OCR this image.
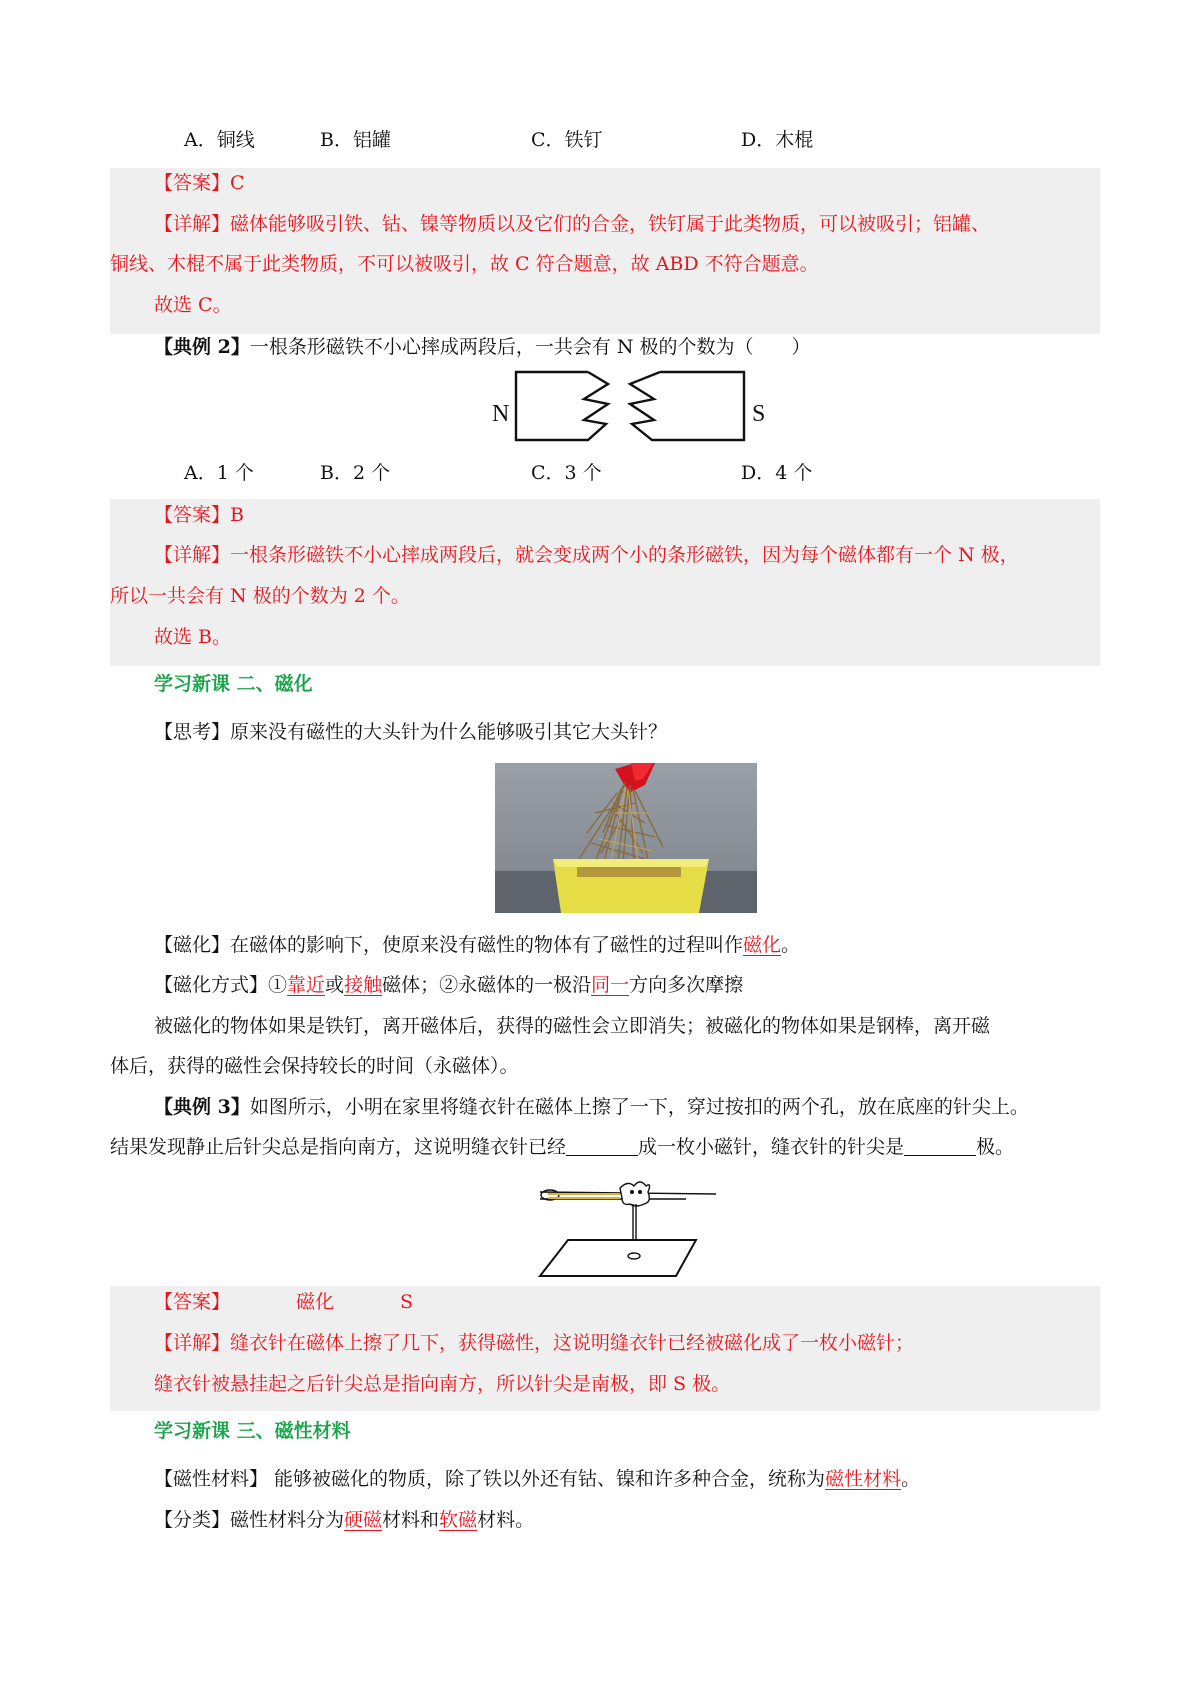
A．铜线	B．铝罐	C．铁钉	D．木棍
【答案】C
【详解】磁体能够吸引铁、钴、镍等物质以及它们的合金，铁钉属于此类物质，可以被吸引；铝罐、
铜线、木棍不属于此类物质，不可以被吸引，故 C 符合题意，故 ABD 不符合题意。
故选 C。
【典例 2】一根条形磁铁不小心摔成两段后，一共会有 N 极的个数为（　　）
N	S
A．1 个	B．2 个	C．3 个	D．4 个
【答案】B
【详解】一根条形磁铁不小心摔成两段后，就会变成两个小的条形磁铁，因为每个磁体都有一个 N 极，
所以一共会有 N 极的个数为 2 个。
故选 B。
学习新课 二、磁化
【思考】原来没有磁性的大头针为什么能够吸引其它大头针？
【磁化】在磁体的影响下，使原来没有磁性的物体有了磁性的过程叫作磁化。
【磁化方式】①靠近或接触磁体；②永磁体的一极沿同一方向多次摩擦
被磁化的物体如果是铁钉，离开磁体后，获得的磁性会立即消失；被磁化的物体如果是钢棒，离开磁
体后，获得的磁性会保持较长的时间（永磁体）。
【典例 3】如图所示，小明在家里将缝衣针在磁体上擦了一下，穿过按扣的两个孔，放在底座的针尖上。
结果发现静止后针尖总是指向南方，这说明缝衣针已经	成一枚小磁针，缝衣针的针尖是	极。
【答案】	磁化	S
【详解】缝衣针在磁体上擦了几下，获得磁性，这说明缝衣针已经被磁化成了一枚小磁针；
缝衣针被悬挂起之后针尖总是指向南方，所以针尖是南极，即 S 极。
学习新课 三、磁性材料
【磁性材料】 能够被磁化的物质，除了铁以外还有钴、镍和许多种合金，统称为磁性材料。
【分类】磁性材料分为硬磁材料和软磁材料。
